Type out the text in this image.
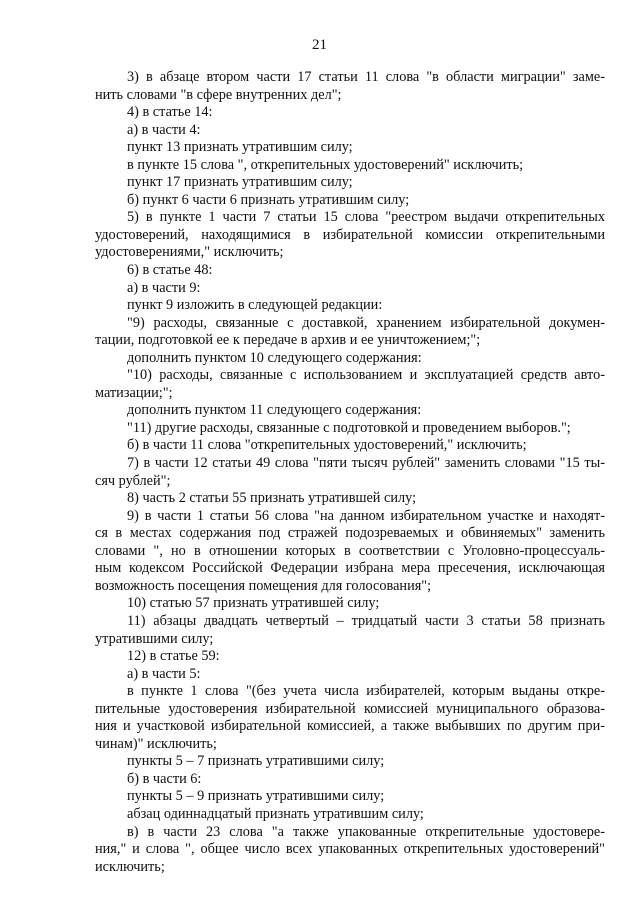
21
3) в абзаце втором части 17 статьи 11 слова "в области миграции" заме-
нить словами "в сфере внутренних дел";
4) в статье 14:
а) в части 4:
пункт 13 признать утратившим силу;
в пункте 15 слова ", открепительных удостоверений" исключить;
пункт 17 признать утратившим силу;
б) пункт 6 части 6 признать утратившим силу;
5) в пункте 1 части 7 статьи 15 слова "реестром выдачи открепительных
удостоверений, находящимися в избирательной комиссии открепительными
удостоверениями," исключить;
6) в статье 48:
а) в части 9:
пункт 9 изложить в следующей редакции:
"9) расходы, связанные с доставкой, хранением избирательной докумен-
тации, подготовкой ее к передаче в архив и ее уничтожением;";
дополнить пунктом 10 следующего содержания:
"10) расходы, связанные с использованием и эксплуатацией средств авто-
матизации;";
дополнить пунктом 11 следующего содержания:
"11) другие расходы, связанные с подготовкой и проведением выборов.";
б) в части 11 слова "открепительных удостоверений," исключить;
7) в части 12 статьи 49 слова "пяти тысяч рублей" заменить словами "15 ты-
сяч рублей";
8) часть 2 статьи 55 признать утратившей силу;
9) в части 1 статьи 56 слова "на данном избирательном участке и находят-
ся в местах содержания под стражей подозреваемых и обвиняемых" заменить
словами ", но в отношении которых в соответствии с Уголовно-процессуаль-
ным кодексом Российской Федерации избрана мера пресечения, исключающая
возможность посещения помещения для голосования";
10) статью 57 признать утратившей силу;
11) абзацы двадцать четвертый – тридцатый части 3 статьи 58 признать
утратившими силу;
12) в статье 59:
а) в части 5:
в пункте 1 слова "(без учета числа избирателей, которым выданы откре-
пительные удостоверения избирательной комиссией муниципального образова-
ния и участковой избирательной комиссией, а также выбывших по другим при-
чинам)" исключить;
пункты 5 – 7 признать утратившими силу;
б) в части 6:
пункты 5 – 9 признать утратившими силу;
абзац одиннадцатый признать утратившим силу;
в) в части 23 слова "а также упакованные открепительные удостовере-
ния," и слова ", общее число всех упакованных открепительных удостоверений"
исключить;
